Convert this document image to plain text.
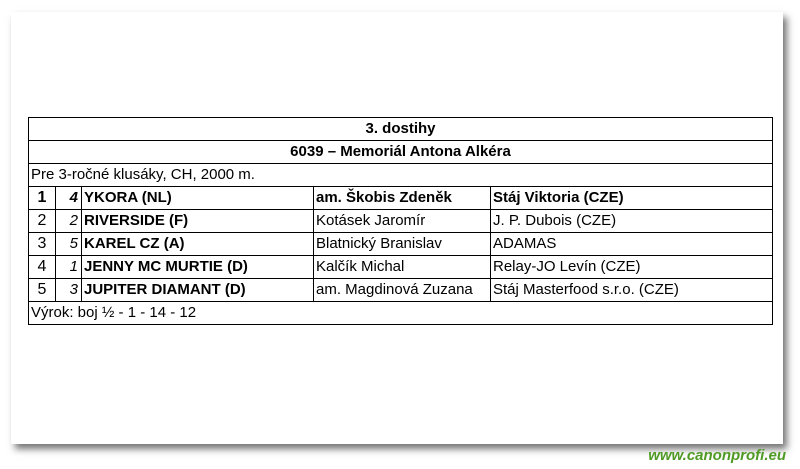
3. dostihy				
6039 – Memoriál Antona Alkéra				
Pre 3-ročné klusáky, CH, 2000 m.				
1	4	YKORA (NL)	am. Škobis Zdeněk	Stáj Viktoria (CZE)
2	2	RIVERSIDE (F)	Kotásek Jaromír	J. P. Dubois (CZE)
3	5	KAREL CZ (A)	Blatnický Branislav	ADAMAS
4	1	JENNY MC MURTIE (D)	Kalčík Michal	Relay-JO Levín (CZE)
5	3	JUPITER DIAMANT (D)	am. Magdinová Zuzana	Stáj Masterfood s.r.o. (CZE)
Výrok: boj ½ - 1 - 14 - 12				
www.canonprofi.eu
